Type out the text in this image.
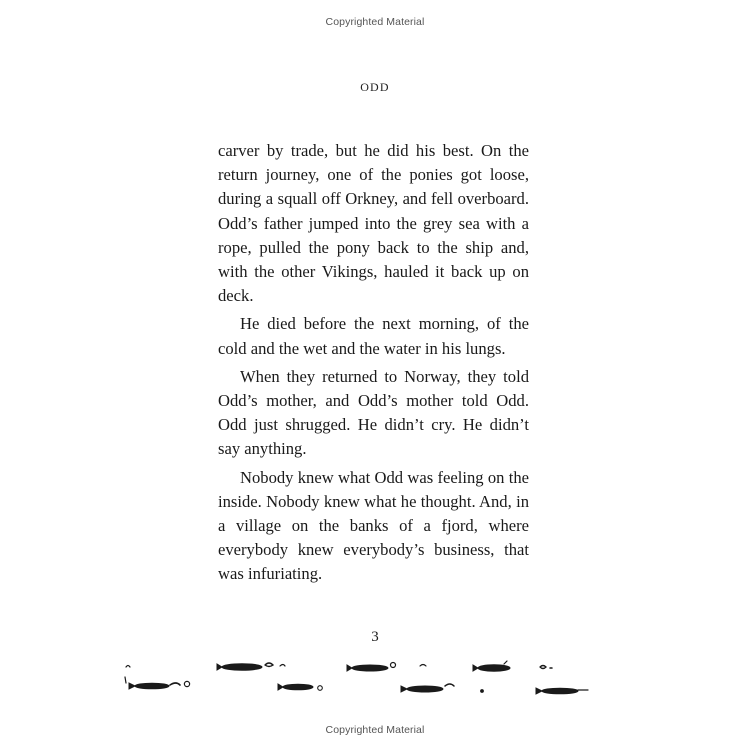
Copyrighted Material
ODD

carver by trade, but he did his best. On the return journey, one of the ponies got loose, during a squall off Orkney, and fell overboard. Odd’s father jumped into the grey sea with a rope, pulled the pony back to the ship and, with the other Vikings, hauled it back up on deck.

He died before the next morning, of the cold and the wet and the water in his lungs.

When they returned to Norway, they told Odd’s mother, and Odd’s mother told Odd. Odd just shrugged. He didn’t cry. He didn’t say anything.

Nobody knew what Odd was feeling on the inside. Nobody knew what he thought. And, in a village on the banks of a fjord, where everybody knew everybody’s business, that was infuriating.

3
Copyrighted Material
